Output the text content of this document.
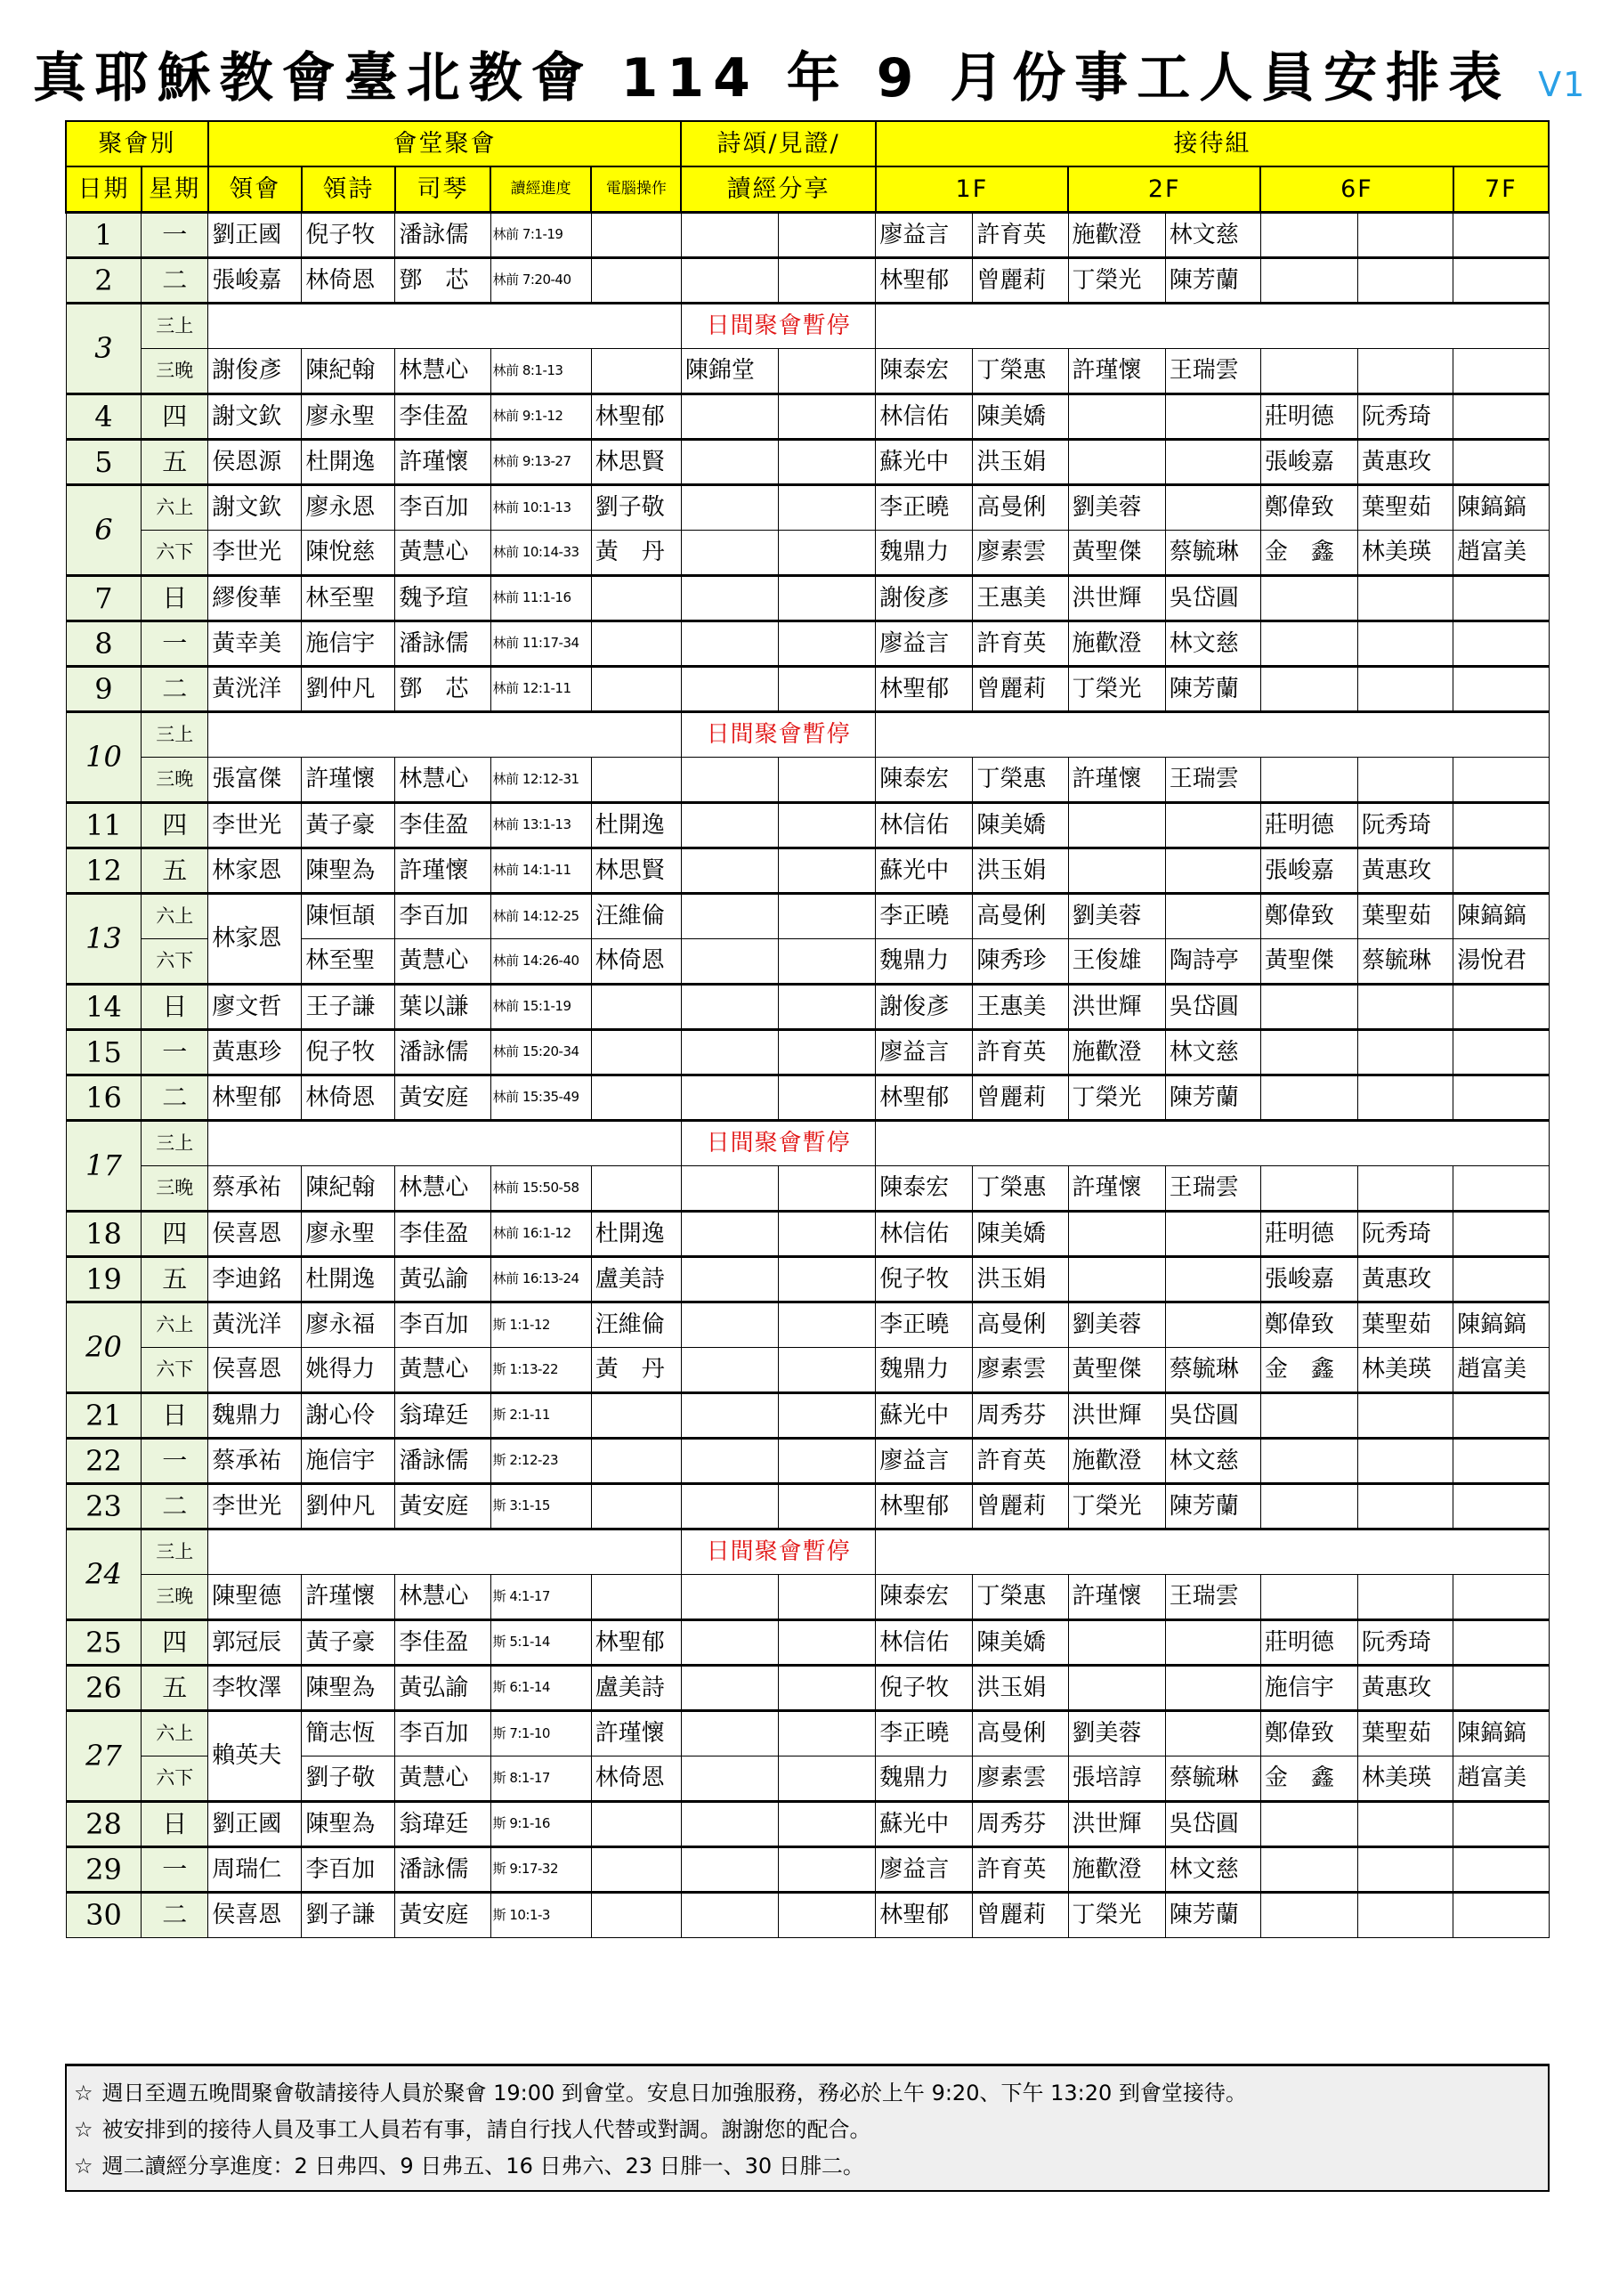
真耶穌教會臺北教會 114 年 9 月份事工人員安排表 V1
聚會別		會堂聚會					詩頌/見證/		接待組						
日期	星期	領會	領詩	司琴	讀經進度	電腦操作	讀經分享		1F		2F		6F		7F
1	一	劉正國	倪子牧	潘詠儒	林前 7:1-19				廖益言	許育英	施歡澄	林文慈			
2	二	張峻嘉	林倚恩	鄧　芯	林前 7:20-40				林聖郁	曾麗莉	丁榮光	陳芳蘭			
3	三上						日間聚會暫停								
	三晚	謝俊彥	陳紀翰	林慧心	林前 8:1-13		陳錦堂		陳泰宏	丁榮惠	許瑾懷	王瑞雲			
4	四	謝文欽	廖永聖	李佳盈	林前 9:1-12	林聖郁			林信佑	陳美嬌			莊明德	阮秀琦	
5	五	侯恩源	杜開逸	許瑾懷	林前 9:13-27	林思賢			蘇光中	洪玉娟			張峻嘉	黃惠玫	
6	六上	謝文欽	廖永恩	李百加	林前 10:1-13	劉子敬			李正曉	高曼俐	劉美蓉		鄭偉致	葉聖茹	陳鎬鎬
	六下	李世光	陳悅慈	黃慧心	林前 10:14-33	黃　丹			魏鼎力	廖素雲	黃聖傑	蔡毓琳	金　鑫	林美瑛	趙富美
7	日	繆俊華	林至聖	魏予瑄	林前 11:1-16				謝俊彥	王惠美	洪世輝	吳岱圓			
8	一	黃幸美	施信宇	潘詠儒	林前 11:17-34				廖益言	許育英	施歡澄	林文慈			
9	二	黃洸洋	劉仲凡	鄧　芯	林前 12:1-11				林聖郁	曾麗莉	丁榮光	陳芳蘭			
10	三上						日間聚會暫停								
	三晚	張富傑	許瑾懷	林慧心	林前 12:12-31				陳泰宏	丁榮惠	許瑾懷	王瑞雲			
11	四	李世光	黃子豪	李佳盈	林前 13:1-13	杜開逸			林信佑	陳美嬌			莊明德	阮秀琦	
12	五	林家恩	陳聖為	許瑾懷	林前 14:1-11	林思賢			蘇光中	洪玉娟			張峻嘉	黃惠玫	
13	六上	林家恩	陳恒頡	李百加	林前 14:12-25	汪維倫			李正曉	高曼俐	劉美蓉		鄭偉致	葉聖茹	陳鎬鎬
	六下		林至聖	黃慧心	林前 14:26-40	林倚恩			魏鼎力	陳秀珍	王俊雄	陶詩亭	黃聖傑	蔡毓琳	湯悅君
14	日	廖文哲	王子謙	葉以謙	林前 15:1-19				謝俊彥	王惠美	洪世輝	吳岱圓			
15	一	黃惠珍	倪子牧	潘詠儒	林前 15:20-34				廖益言	許育英	施歡澄	林文慈			
16	二	林聖郁	林倚恩	黃安庭	林前 15:35-49				林聖郁	曾麗莉	丁榮光	陳芳蘭			
17	三上						日間聚會暫停								
	三晚	蔡承祐	陳紀翰	林慧心	林前 15:50-58				陳泰宏	丁榮惠	許瑾懷	王瑞雲			
18	四	侯喜恩	廖永聖	李佳盈	林前 16:1-12	杜開逸			林信佑	陳美嬌			莊明德	阮秀琦	
19	五	李迪銘	杜開逸	黃弘諭	林前 16:13-24	盧美詩			倪子牧	洪玉娟			張峻嘉	黃惠玫	
20	六上	黃洸洋	廖永福	李百加	斯 1:1-12	汪維倫			李正曉	高曼俐	劉美蓉		鄭偉致	葉聖茹	陳鎬鎬
	六下	侯喜恩	姚得力	黃慧心	斯 1:13-22	黃　丹			魏鼎力	廖素雲	黃聖傑	蔡毓琳	金　鑫	林美瑛	趙富美
21	日	魏鼎力	謝心伶	翁瑋廷	斯 2:1-11				蘇光中	周秀芬	洪世輝	吳岱圓			
22	一	蔡承祐	施信宇	潘詠儒	斯 2:12-23				廖益言	許育英	施歡澄	林文慈			
23	二	李世光	劉仲凡	黃安庭	斯 3:1-15				林聖郁	曾麗莉	丁榮光	陳芳蘭			
24	三上						日間聚會暫停								
	三晚	陳聖德	許瑾懷	林慧心	斯 4:1-17				陳泰宏	丁榮惠	許瑾懷	王瑞雲			
25	四	郭冠辰	黃子豪	李佳盈	斯 5:1-14	林聖郁			林信佑	陳美嬌			莊明德	阮秀琦	
26	五	李牧澤	陳聖為	黃弘諭	斯 6:1-14	盧美詩			倪子牧	洪玉娟			施信宇	黃惠玫	
27	六上	賴英夫	簡志恆	李百加	斯 7:1-10	許瑾懷			李正曉	高曼俐	劉美蓉		鄭偉致	葉聖茹	陳鎬鎬
	六下		劉子敬	黃慧心	斯 8:1-17	林倚恩			魏鼎力	廖素雲	張培諄	蔡毓琳	金　鑫	林美瑛	趙富美
28	日	劉正國	陳聖為	翁瑋廷	斯 9:1-16				蘇光中	周秀芬	洪世輝	吳岱圓			
29	一	周瑞仁	李百加	潘詠儒	斯 9:17-32				廖益言	許育英	施歡澄	林文慈			
30	二	侯喜恩	劉子謙	黃安庭	斯 10:1-3				林聖郁	曾麗莉	丁榮光	陳芳蘭			
☆ 週日至週五晚間聚會敬請接待人員於聚會 19:00 到會堂。安息日加強服務，務必於上午 9:20、下午 13:20 到會堂接待。
☆ 被安排到的接待人員及事工人員若有事，請自行找人代替或對調。謝謝您的配合。
☆ 週二讀經分享進度：2 日弗四、9 日弗五、16 日弗六、23 日腓一、30 日腓二。
